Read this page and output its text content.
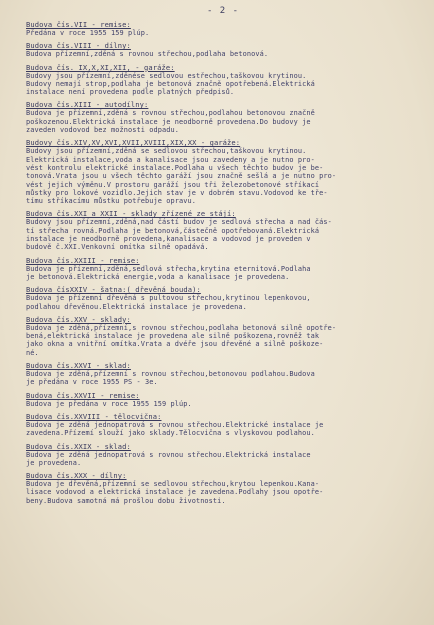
- 2 -
Budova čís.VII - remise:
Předána v roce 1955 159 plúp.
Budova čís.VIII - dílny:
Budova přízemní,zděná s rovnou střechou,podlaha betonová.
Budova čís. IX,X,XI,XII, - garáže:
Budovy jsou přízemní,zděnése sedlovou estřechou,taškovou krytinou.
Budovy nemají strop,podlaha je betonová značně opotřebená.Elektrická
instalace není provedena podle platných předpisů.
Budova čís.XIII - autodílny:
Budova je přízemní,zděná s rovnou střechou,podlahou betonovou značně
poškozenou.Elektrická instalace je neodborně provedena.Do budovy je
zaveden vodovod bez možnosti odpadu.
Budovy čís.XIV,XV,XVI,XVII,XVIII,XIX,XX - garáže:
Budovy jsou přízemní,zděná se sedlovou střechou,taškovou krytinou.
Elektrická instalace,voda a kanalisace jsou zavedeny a je nutno pro-
vést kontrolu elektrické instalace.Podlaha u všech těchto budov je be-
tonová.Vrata jsou u všech těchto garáží jsou značně sešlá a je nutno pro-
vést jejich výměnu.V prostoru garáží jsou tři železobetonové stříkací
můstky pro lokové vozidlo.Jejich stav je v dobrém stavu.Vodovod ke tře-
tímu stříkacímu můstku potřebuje opravu.
Budova čís.XXI a XXII - sklady zřízené ze stájí:
Budovy jsou přízemní,zděná,nad částí budov je sedlová střecha a nad čás-
tí střecha rovná.Podlaha je betonová,částečně opotřebovaná.Elektrická
instalace je neodborně provedena,kanalisace a vodovod je proveden v
budově č.XXI.Venkovní omítka silně opadává.
Budova čís.XXIII - remise:
Budova je přízemní,zděná,sedlová střecha,krytina eternitová.Podlaha
je betonová.Elektrická energie,voda a kanalisace je provedena.
Budova čísXXIV - šatna:( dřevěná bouda):
Budova je přízemní dřevěná s pultovou střechou,krytinou lepenkovou,
podlahou dřevěnou.Elektrická instalace je provedena.
Budova čís.XXV - sklady:
Budova je zděná,přízemní,s rovnou střechou,podlaha betonová silně opotře-
bená,elektrická instalace je provedena ale silně poškozena,rovněž tak
jako okna a vnitřní omítka.Vrata a dvéře jsou dřevěné a silně poškoze-
né.
Budova čís.XXVI - sklad:
Budova je zděná,přízemní s rovnou střechou,betonovou podlahou.Budova
je předána v roce 1955 PS - 3e.
Budova čís.XXVII - remise:
Budova je předána v roce 1955 159 plúp.
Budova čís.XXVIII - tělocvična:
Budova je zděná jednopatrová s rovnou střechou.Elektrické instalace je
zavedena.Přízemí slouží jako sklady.Tělocvična s vlyskovou podlahou.
Budova čís.XXIX - sklad:
Budova je zděná jednopatrová s rovnou střechou.Elektrická instalace
je provedena.
Budova čís.XXX - dílny:
Budova je dřevěná,přízemní se sedlovou střechou,krytou lepenkou.Kana-
lisace vodovod a elektrická instalace je zavedena.Podlahy jsou opotře-
beny.Budova samotná má prošlou dobu životnosti.
